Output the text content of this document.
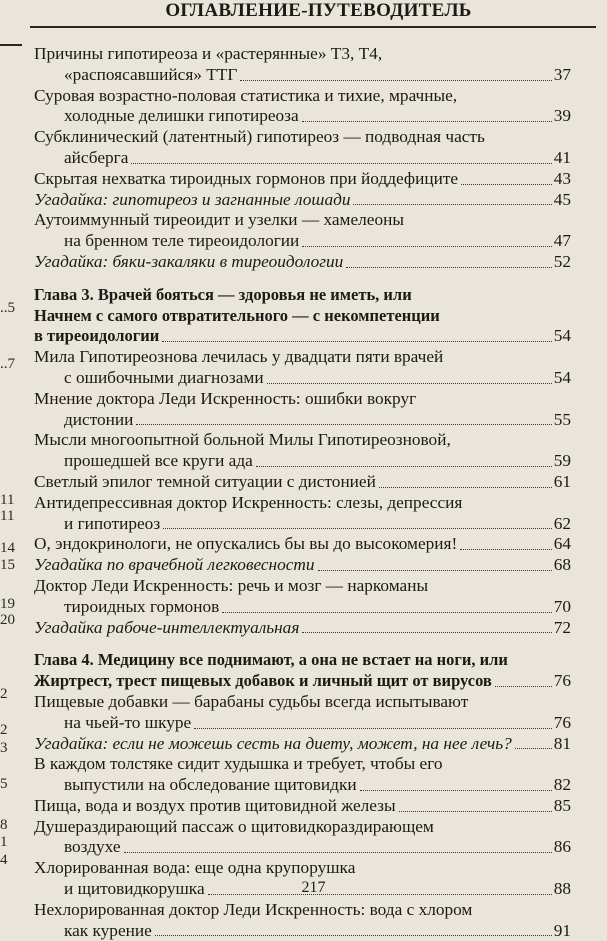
ОГЛАВЛЕНИЕ-ПУТЕВОДИТЕЛЬ
..5
..7
11
11
14
15
19
20
2
2
3
5
8
1
4
Причины гипотиреоза и «растерянные» Т3, Т4,
«распоясавшийся» ТТГ	37
Суровая возрастно-половая статистика и тихие, мрачные,
холодные делишки гипотиреоза	39
Субклинический (латентный) гипотиреоз — подводная часть
айсберга	41
Скрытая нехватка тироидных гормонов при йоддефиците	43
Угадайка: гипотиреоз и загнанные лошади	45
Аутоиммунный тиреоидит и узелки — хамелеоны
на бренном теле тиреоидологии	47
Угадайка: бяки-закаляки в тиреоидологии	52
Глава 3. Врачей бояться — здоровья не иметь, или
Начнем с самого отвратительного — с некомпетенции
в тиреоидологии	54
Мила Гипотиреознова лечилась у двадцати пяти врачей
с ошибочными диагнозами	54
Мнение доктора Леди Искренность: ошибки вокруг
дистонии	55
Мысли многоопытной больной Милы Гипотиреозновой,
прошедшей все круги ада	59
Светлый эпилог темной ситуации с дистонией	61
Антидепрессивная доктор Искренность: слезы, депрессия
и гипотиреоз	62
О, эндокринологи, не опускались бы вы до высокомерия!	64
Угадайка по врачебной легковесности	68
Доктор Леди Искренность: речь и мозг — наркоманы
тироидных гормонов	70
Угадайка рабоче-интеллектуальная	72
Глава 4. Медицину все поднимают, а она не встает на ноги, или
Жиртрест, трест пищевых добавок и личный щит от вирусов	76
Пищевые добавки — барабаны судьбы всегда испытывают
на чьей-то шкуре	76
Угадайка: если не можешь сесть на диету, может, на нее лечь? 81
В каждом толстяке сидит худышка и требует, чтобы его
выпустили на обследование щитовидки	82
Пища, вода и воздух против щитовидной железы	85
Душераздирающий пассаж о щитовидкораздирающем
воздухе	86
Хлорированная вода: еще одна крупорушка
и щитовидкорушка	88
Нехлорированная доктор Леди Искренность: вода с хлором
как курение	91
217
